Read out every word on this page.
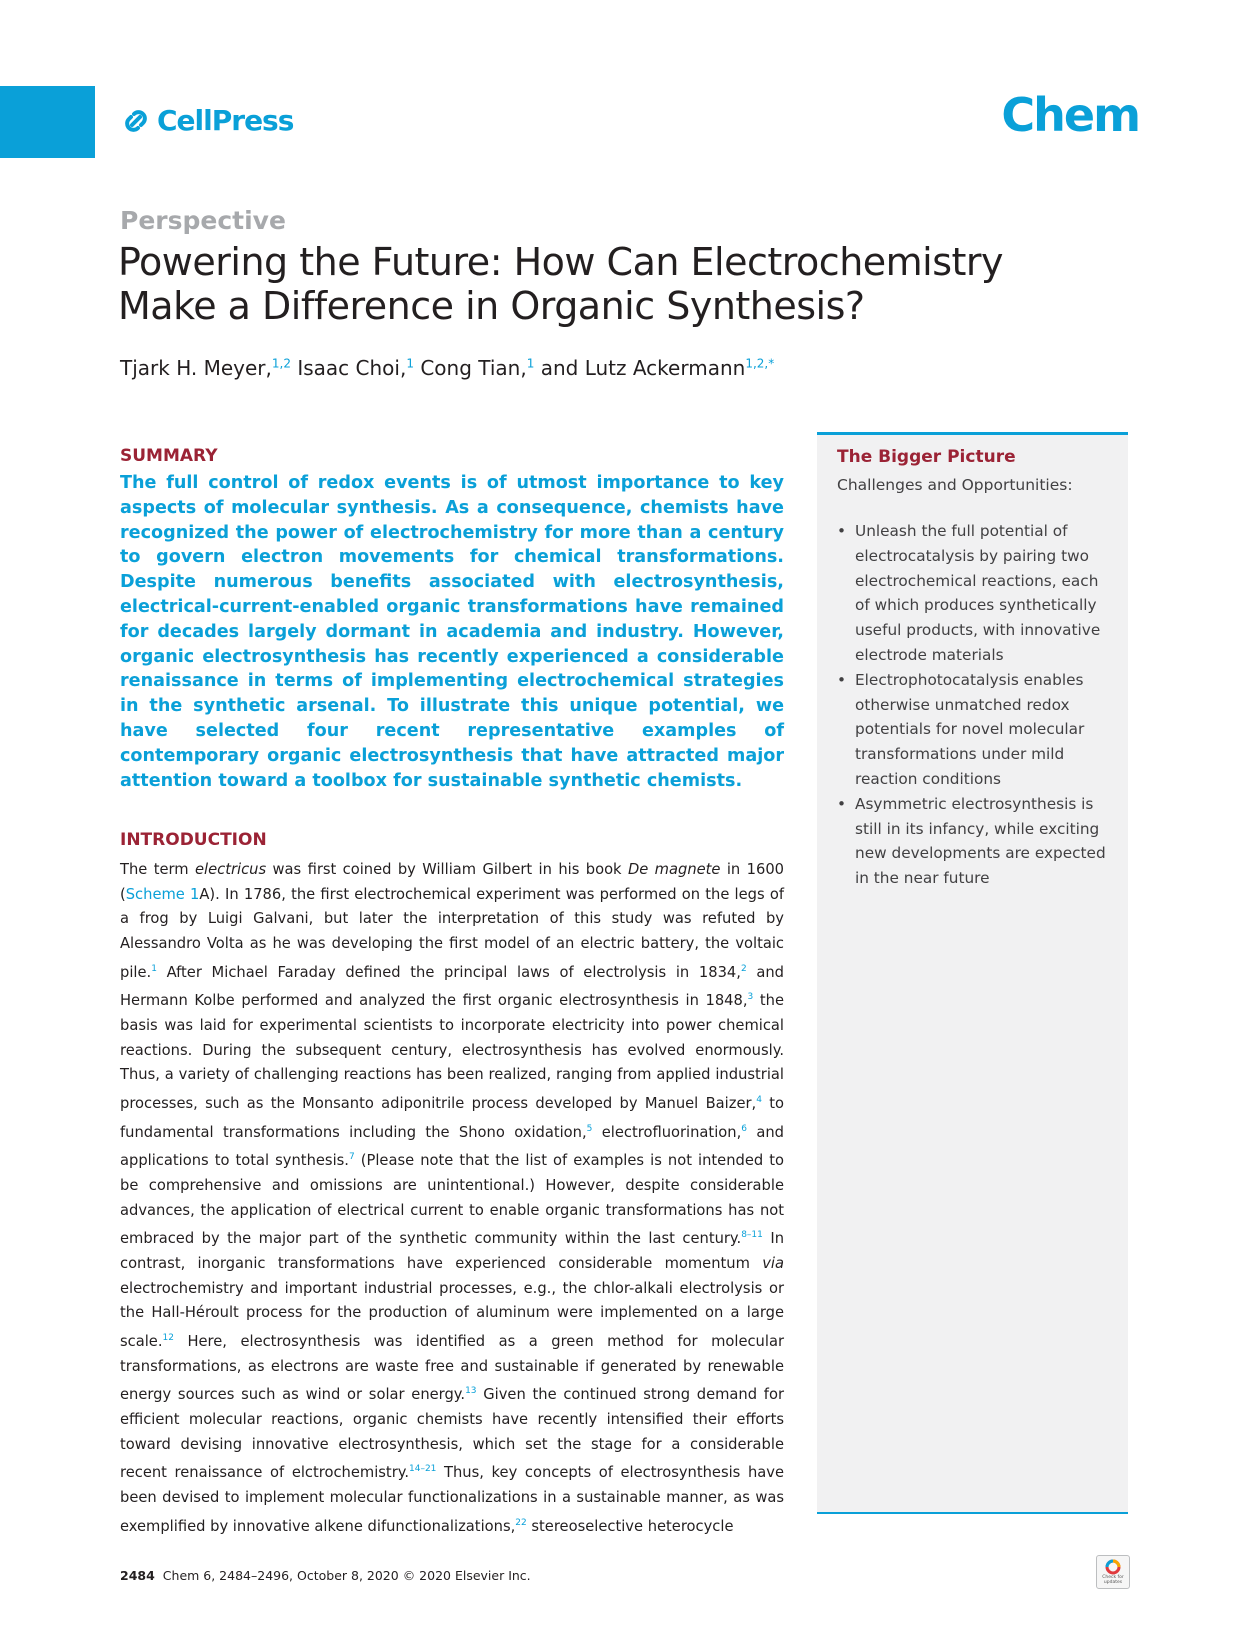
CellPress	Chem
Perspective
Powering the Future: How Can Electrochemistry
Make a Difference in Organic Synthesis?
Tjark H. Meyer,$^{1,2}$ Isaac Choi,$^1$ Cong Tian,$^1$ and Lutz Ackermann$^{1,2,*}$
SUMMARY

The full control of redox events is of utmost importance to key aspects of molecular synthesis. As a consequence, chemists have recognized the power of electrochemistry for more than a century to govern electron movements for chemical transformations. Despite numerous benefits associated with electrosynthesis, electrical-current-enabled organic transformations have remained for decades largely dormant in academia and industry. However, organic electrosynthesis has recently experienced a considerable renaissance in terms of implementing electrochemical strategies in the synthetic arsenal. To illustrate this unique potential, we have selected four recent representative examples of contemporary organic electrosynthesis that have attracted major attention toward a toolbox for sustainable synthetic chemists.

INTRODUCTION

The term electricus was first coined by William Gilbert in his book De magnete in 1600 (Scheme 1A). In 1786, the first electrochemical experiment was performed on the legs of a frog by Luigi Galvani, but later the interpretation of this study was refuted by Alessandro Volta as he was developing the first model of an electric battery, the voltaic pile.$^1$ After Michael Faraday defined the principal laws of electrolysis in 1834,$^2$ and Hermann Kolbe performed and analyzed the first organic electrosynthesis in 1848,$^3$ the basis was laid for experimental scientists to incorporate electricity into power chemical reactions. During the subsequent century, electrosynthesis has evolved enormously. Thus, a variety of challenging reactions has been realized, ranging from applied industrial processes, such as the Monsanto adiponitrile process developed by Manuel Baizer,$^4$ to fundamental transformations including the Shono oxidation,$^5$ electrofluorination,$^6$ and applications to total synthesis.$^7$ (Please note that the list of examples is not intended to be comprehensive and omissions are unintentional.) However, despite considerable advances, the application of electrical current to enable organic transformations has not embraced by the major part of the synthetic community within the last century.$^{8-11}$ In contrast, inorganic transformations have experienced considerable momentum via electrochemistry and important industrial processes, e.g., the chlor-alkali electrolysis or the Hall-Héroult process for the production of aluminum were implemented on a large scale.$^{12}$ Here, electrosynthesis was identified as a green method for molecular transformations, as electrons are waste free and sustainable if generated by renewable energy sources such as wind or solar energy.$^{13}$ Given the continued strong demand for efficient molecular reactions, organic chemists have recently intensified their efforts toward devising innovative electrosynthesis, which set the stage for a considerable recent renaissance of elctrochemistry.$^{14-21}$ Thus, key concepts of electrosynthesis have been devised to implement molecular functionalizations in a sustainable manner, as was exemplified by innovative alkene difunctionalizations,$^{22}$ stereoselective heterocycle

The Bigger Picture
Challenges and Opportunities:
• Unleash the full potential of electrocatalysis by pairing two electrochemical reactions, each of which produces synthetically useful products, with innovative electrode materials
• Electrophotocatalysis enables otherwise unmatched redox potentials for novel molecular transformations under mild reaction conditions
• Asymmetric electrosynthesis is still in its infancy, while exciting new developments are expected in the near future
2484 Chem 6, 2484–2496, October 8, 2020 © 2020 Elsevier Inc.	Check for
updates
